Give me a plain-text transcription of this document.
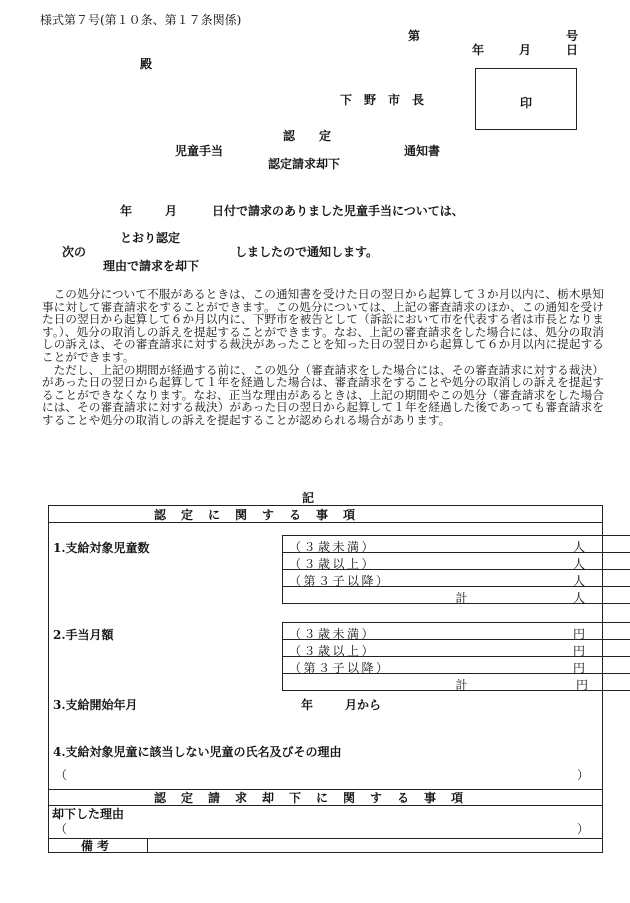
様式第７号(第１０条、第１７条関係)
第	号
年	月	日
殿
下　野　市　長	印
認　　定
児童手当	通知書
認定請求却下
年	月	日付で請求のありました児童手当については、
とおり認定
次の	しましたので通知します。
理由で請求を却下

この処分について不服があるときは、この通知書を受けた日の翌日から起算して３か月以内に、栃木県知事に対して審査請求をすることができます。この処分については、上記の審査請求のほか、この通知を受けた日の翌日から起算して６か月以内に、下野市を被告として（訴訟において市を代表する者は市長となります。）、処分の取消しの訴えを提起することができます。なお、上記の審査請求をした場合には、処分の取消しの訴えは、その審査請求に対する裁決があったことを知った日の翌日から起算して６か月以内に提起することができます。

ただし、上記の期間が経過する前に、この処分（審査請求をした場合には、その審査請求に対する裁決）があった日の翌日から起算して１年を経過した場合は、審査請求をすることや処分の取消しの訴えを提起することができなくなります。なお、正当な理由があるときは、上記の期間やこの処分（審査請求をした場合には、その審査請求に対する裁決）があった日の翌日から起算して１年を経過した後であっても審査請求をすることや処分の取消しの訴えを提起することが認められる場合があります。

記
認定に関する事項
1.支給対象児童数	（３歳未満）	人
（３歳以上）	人
（第３子以降）	人
計	人
2.手当月額	（３歳未満）	円
（３歳以上）	円
（第３子以降）	円
計	円
3.支給開始年月	年	月から
4.支給対象児童に該当しない児童の氏名及びその理由
（	）
認定請求却下に関する事項
却下した理由
（	）
備考
